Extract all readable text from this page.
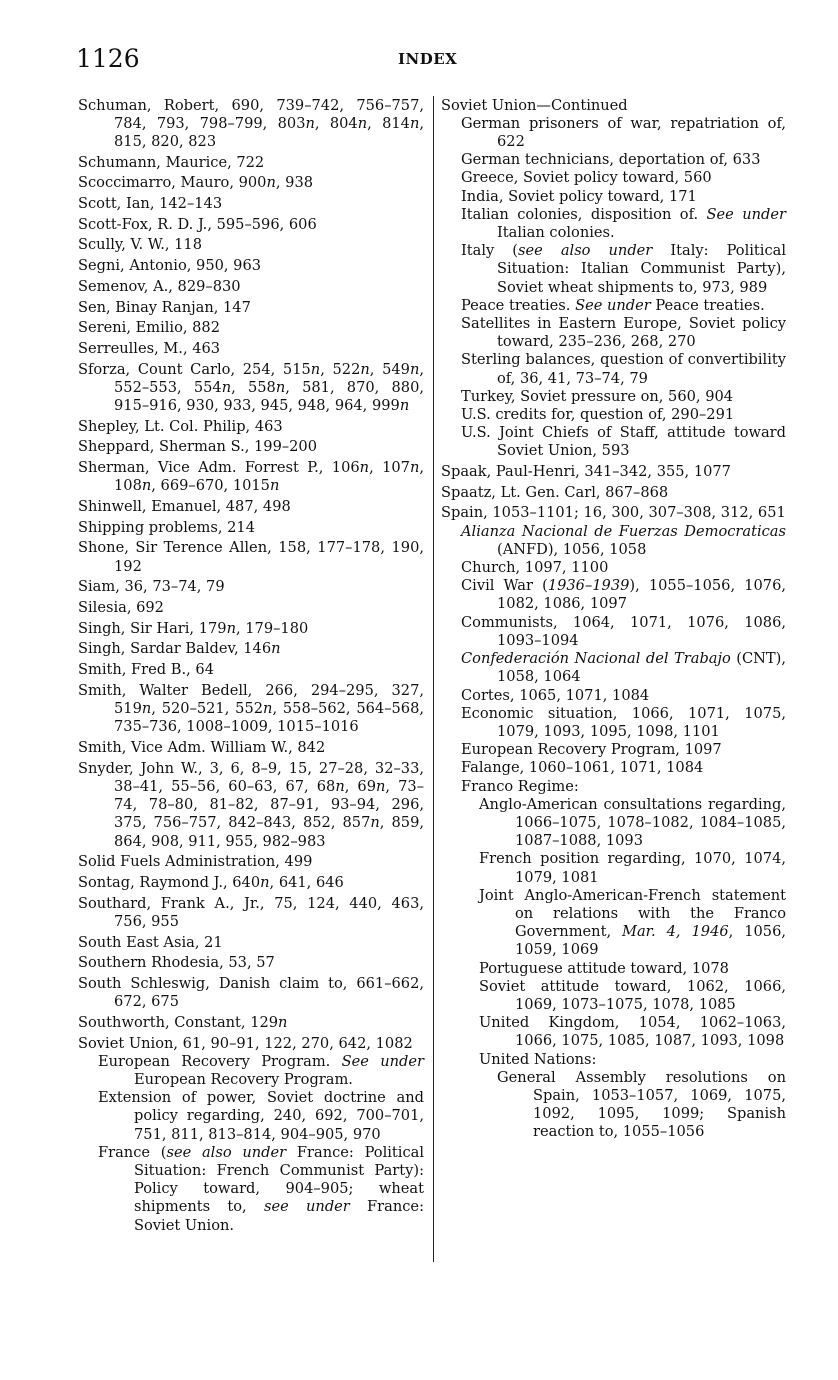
1126	INDEX
Schuman, Robert, 690, 739–742, 756–757, 784, 793, 798–799, 803n, 804n, 814n, 815, 820, 823
Schumann, Maurice, 722
Scoccimarro, Mauro, 900n, 938
Scott, Ian, 142–143
Scott-Fox, R. D. J., 595–596, 606
Scully, V. W., 118
Segni, Antonio, 950, 963
Semenov, A., 829–830
Sen, Binay Ranjan, 147
Sereni, Emilio, 882
Serreulles, M., 463
Sforza, Count Carlo, 254, 515n, 522n, 549n, 552–553, 554n, 558n, 581, 870, 880, 915–916, 930, 933, 945, 948, 964, 999n
Shepley, Lt. Col. Philip, 463
Sheppard, Sherman S., 199–200
Sherman, Vice Adm. Forrest P., 106n, 107n, 108n, 669–670, 1015n
Shinwell, Emanuel, 487, 498
Shipping problems, 214
Shone, Sir Terence Allen, 158, 177–178, 190, 192
Siam, 36, 73–74, 79
Silesia, 692
Singh, Sir Hari, 179n, 179–180
Singh, Sardar Baldev, 146n
Smith, Fred B., 64
Smith, Walter Bedell, 266, 294–295, 327, 519n, 520–521, 552n, 558–562, 564–568, 735–736, 1008–1009, 1015–1016
Smith, Vice Adm. William W., 842
Snyder, John W., 3, 6, 8–9, 15, 27–28, 32–33, 38–41, 55–56, 60–63, 67, 68n, 69n, 73–74, 78–80, 81–82, 87–91, 93–94, 296, 375, 756–757, 842–843, 852, 857n, 859, 864, 908, 911, 955, 982–983
Solid Fuels Administration, 499
Sontag, Raymond J., 640n, 641, 646
Southard, Frank A., Jr., 75, 124, 440, 463, 756, 955
South East Asia, 21
Southern Rhodesia, 53, 57
South Schleswig, Danish claim to, 661–662, 672, 675
Southworth, Constant, 129n
Soviet Union, 61, 90–91, 122, 270, 642, 1082
European Recovery Program. See under European Recovery Program.
Extension of power, Soviet doctrine and policy regarding, 240, 692, 700–701, 751, 811, 813–814, 904–905, 970
France (see also under France: Political Situation: French Communist Party): Policy toward, 904–905; wheat shipments to, see under France: Soviet Union.
Soviet Union—Continued
German prisoners of war, repatriation of, 622
German technicians, deportation of, 633
Greece, Soviet policy toward, 560
India, Soviet policy toward, 171
Italian colonies, disposition of. See under Italian colonies.
Italy (see also under Italy: Political Situation: Italian Communist Party), Soviet wheat shipments to, 973, 989
Peace treaties. See under Peace treaties.
Satellites in Eastern Europe, Soviet policy toward, 235–236, 268, 270
Sterling balances, question of convertibility of, 36, 41, 73–74, 79
Turkey, Soviet pressure on, 560, 904
U.S. credits for, question of, 290–291
U.S. Joint Chiefs of Staff, attitude toward Soviet Union, 593
Spaak, Paul-Henri, 341–342, 355, 1077
Spaatz, Lt. Gen. Carl, 867–868
Spain, 1053–1101; 16, 300, 307–308, 312, 651
Alianza Nacional de Fuerzas Democraticas (ANFD), 1056, 1058
Church, 1097, 1100
Civil War (1936–1939), 1055–1056, 1076, 1082, 1086, 1097
Communists, 1064, 1071, 1076, 1086, 1093–1094
Confederación Nacional del Trabajo (CNT), 1058, 1064
Cortes, 1065, 1071, 1084
Economic situation, 1066, 1071, 1075, 1079, 1093, 1095, 1098, 1101
European Recovery Program, 1097
Falange, 1060–1061, 1071, 1084
Franco Regime:
Anglo-American consultations regarding, 1066–1075, 1078–1082, 1084–1085, 1087–1088, 1093
French position regarding, 1070, 1074, 1079, 1081
Joint Anglo-American-French statement on relations with the Franco Government, Mar. 4, 1946, 1056, 1059, 1069
Portuguese attitude toward, 1078
Soviet attitude toward, 1062, 1066, 1069, 1073–1075, 1078, 1085
United Kingdom, 1054, 1062–1063, 1066, 1075, 1085, 1087, 1093, 1098
United Nations:
General Assembly resolutions on Spain, 1053–1057, 1069, 1075, 1092, 1095, 1099; Spanish reaction to, 1055–1056
